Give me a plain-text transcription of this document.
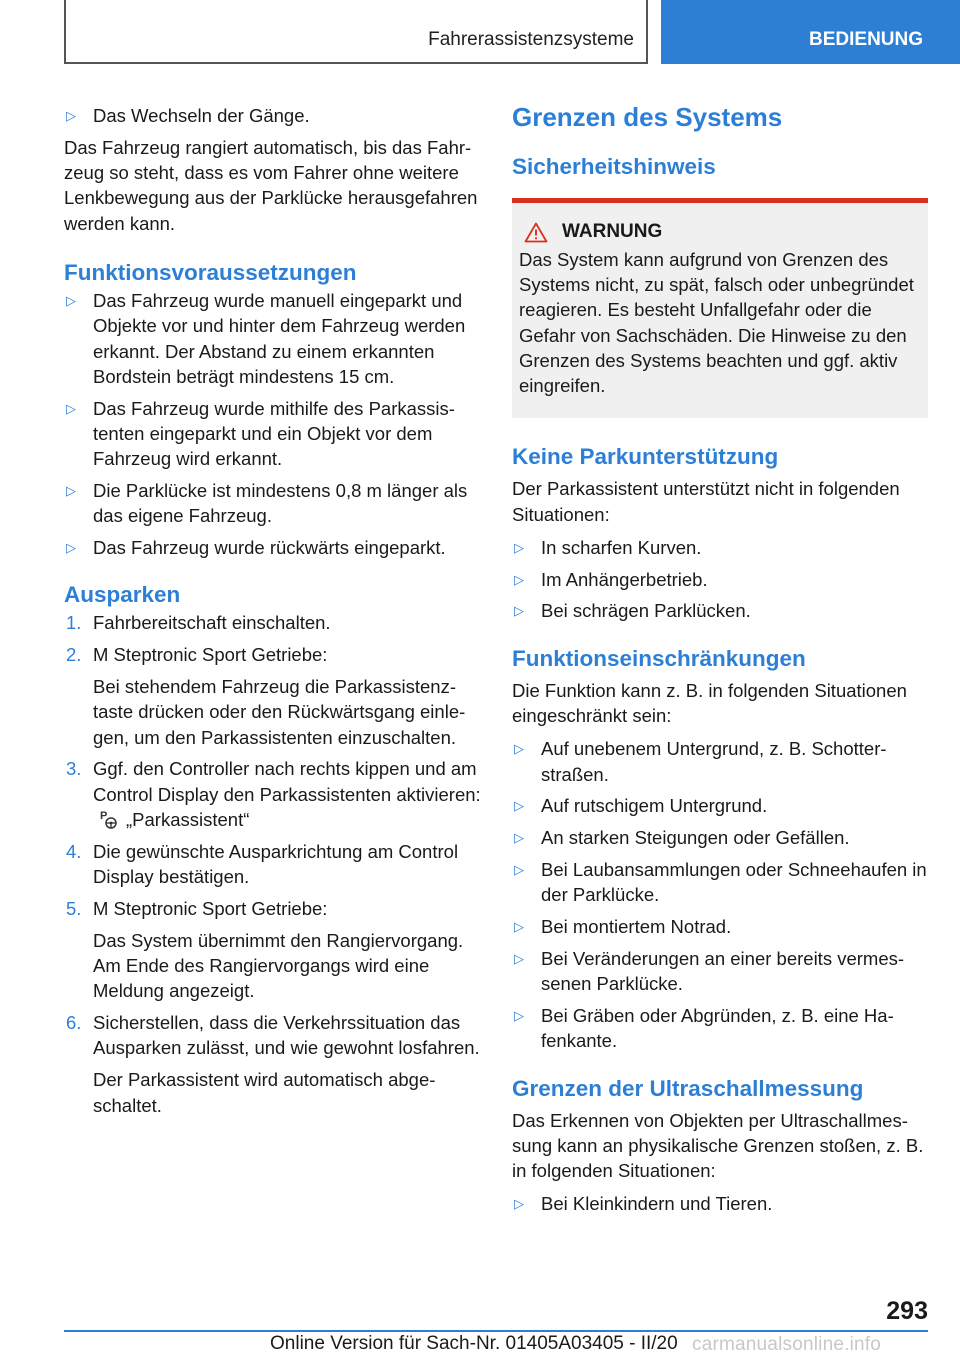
Fahrerassistenzsysteme	BEDIENUNG
▷ Das Wechseln der Gänge.

Das Fahrzeug rangiert automatisch, bis das Fahrzeug so steht, dass es vom Fahrer ohne weitere Lenkbewegung aus der Parklücke herausgefahren werden kann.

Funktionsvoraussetzungen
▷ Das Fahrzeug wurde manuell eingeparkt und Objekte vor und hinter dem Fahrzeug werden erkannt. Der Abstand zu einem erkannten Bordstein beträgt mindestens 15 cm.
▷ Das Fahrzeug wurde mithilfe des Parkassistenten eingeparkt und ein Objekt vor dem Fahrzeug wird erkannt.
▷ Die Parklücke ist mindestens 0,8 m länger als das eigene Fahrzeug.
▷ Das Fahrzeug wurde rückwärts eingeparkt.
Ausparken
1. Fahrbereitschaft einschalten.
2. M Steptronic Sport Getriebe:
Bei stehendem Fahrzeug die Parkassistenztaste drücken oder den Rückwärtsgang einlegen, um den Parkassistenten einzuschalten.
3. Ggf. den Controller nach rechts kippen und am Control Display den Parkassistenten aktivieren:
P „Parkassistent“
4. Die gewünschte Ausparkrichtung am Control Display bestätigen.
5. M Steptronic Sport Getriebe:
Das System übernimmt den Rangiervorgang. Am Ende des Rangiervorgangs wird eine Meldung angezeigt.
6. Sicherstellen, dass die Verkehrssituation das Ausparken zulässt, und wie gewohnt losfahren.
Der Parkassistent wird automatisch abgeschaltet.
Grenzen des Systems
Sicherheitshinweis
WARNUNG

Das System kann aufgrund von Grenzen des Systems nicht, zu spät, falsch oder unbegründet reagieren. Es besteht Unfallgefahr oder die Gefahr von Sachschäden. Die Hinweise zu den Grenzen des Systems beachten und ggf. aktiv eingreifen.

Keine Parkunterstützung

Der Parkassistent unterstützt nicht in folgenden Situationen:

▷ In scharfen Kurven.
▷ Im Anhängerbetrieb.
▷ Bei schrägen Parklücken.
Funktionseinschränkungen

Die Funktion kann z. B. in folgenden Situationen eingeschränkt sein:

▷ Auf unebenem Untergrund, z. B. Schotterstraßen.
▷ Auf rutschigem Untergrund.
▷ An starken Steigungen oder Gefällen.
▷ Bei Laubansammlungen oder Schneehaufen in der Parklücke.
▷ Bei montiertem Notrad.
▷ Bei Veränderungen an einer bereits vermessenen Parklücke.
▷ Bei Gräben oder Abgründen, z. B. eine Hafenkante.
Grenzen der Ultraschallmessung

Das Erkennen von Objekten per Ultraschallmessung kann an physikalische Grenzen stoßen, z. B. in folgenden Situationen:

▷ Bei Kleinkindern und Tieren.
293
Online Version für Sach-Nr. 01405A03405 - II/20 carmanualsonline.info
